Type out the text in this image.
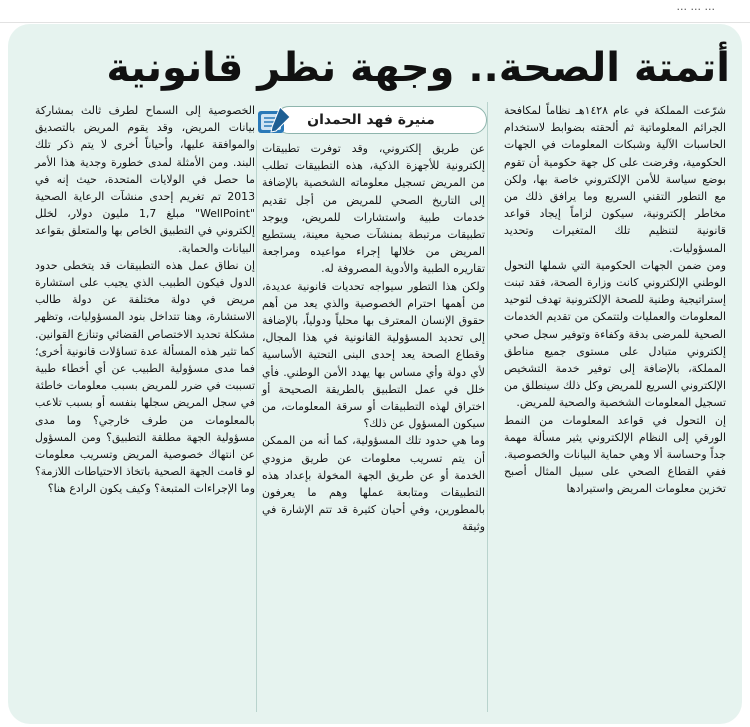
... ... ...
أتمتة الصحة.. وجهة نظر قانونية
منيرة فهد الحمدان

شرّعت المملكة في عام ١٤٢٨هـ نظاماً لمكافحة الجرائم المعلوماتية ثم ألحقته بضوابط لاستخدام الحاسبات الآلية وشبكات المعلومات في الجهات الحكومية، وفرضت على كل جهة حكومية أن تقوم بوضع سياسة للأمن الإلكتروني خاصة بها، ولكن مع التطور التقني السريع وما يرافق ذلك من مخاطر إلكترونية، سيكون لزاماً إيجاد قواعد قانونية لتنظيم تلك المتغيرات وتحديد المسؤوليات.

ومن ضمن الجهات الحكومية التي شملها التحول الوطني الإلكتروني كانت وزارة الصحة، فقد تبنت إستراتيجية وطنية للصحة الإلكترونية تهدف لتوحيد المعلومات والعمليات ولتتمكن من تقديم الخدمات الصحية للمرضى بدقة وكفاءة وتوفير سجل صحي إلكتروني متبادل على مستوى جميع مناطق المملكة، بالإضافة إلى توفير خدمة التشخيص الإلكتروني السريع للمريض وكل ذلك سينطلق من تسجيل المعلومات الشخصية والصحية للمريض.

إن التحول في قواعد المعلومات من النمط الورقي إلى النظام الإلكتروني يثير مسألة مهمة جداً وحساسة ألا وهي حماية البيانات والخصوصية. ففي القطاع الصحي على سبيل المثال أصبح تخزين معلومات المريض واستيرادها

عن طريق إلكتروني، وقد توفرت تطبيقات إلكترونية للأجهزة الذكية، هذه التطبيقات تطلب من المريض تسجيل معلوماته الشخصية بالإضافة إلى التاريخ الصحي للمريض من أجل تقديم خدمات طبية واستشارات للمريض، ويوجد تطبيقات مرتبطة بمنشآت صحية معينة، يستطيع المريض من خلالها إجراء مواعيده ومراجعة تقاريره الطبية والأدوية المصروفة له.

ولكن هذا التطور سيواجه تحديات قانونية عديدة، من أهمها احترام الخصوصية والذي يعد من أهم حقوق الإنسان المعترف بها محلياً ودولياً، بالإضافة إلى تحديد المسؤولية القانونية في هذا المجال، وقطاع الصحة يعد إحدى البنى التحتية الأساسية لأي دولة وأي مساس بها يهدد الأمن الوطني. فأي خلل في عمل التطبيق بالطريقة الصحيحة أو اختراق لهذه التطبيقات أو سرقة المعلومات، من سيكون المسؤول عن ذلك؟

وما هي حدود تلك المسؤولية، كما أنه من الممكن أن يتم تسريب معلومات عن طريق مزودي الخدمة أو عن طريق الجهة المخولة بإعداد هذه التطبيقات ومتابعة عملها وهم ما يعرفون بالمطورين، وفي أحيان كثيرة قد تتم الإشارة في وثيقة

الخصوصية إلى السماح لطرف ثالث بمشاركة بيانات المريض، وقد يقوم المريض بالتصديق والموافقة عليها، وأحياناً أخرى لا يتم ذكر تلك البند. ومن الأمثلة لمدى خطورة وجدية هذا الأمر ما حصل في الولايات المتحدة، حيث إنه في 2013 تم تغريم إحدى منشآت الرعاية الصحية "WellPoint" مبلغ 1,7 مليون دولار، لخلل إلكتروني في التطبيق الخاص بها والمتعلق بقواعد البيانات والحماية.

إن نطاق عمل هذه التطبيقات قد يتخطى حدود الدول فيكون الطبيب الذي يجيب على استشارة مريض في دولة مختلفة عن دولة طالب الاستشارة، وهنا تتداخل بنود المسؤوليات، وتظهر مشكلة تحديد الاختصاص القضائي وتنازع القوانين.

كما تثير هذه المسألة عدة تساؤلات قانونية أخرى؛ فما مدى مسؤولية الطبيب عن أي أخطاء طبية تسببت في ضرر للمريض بسبب معلومات خاطئة في سجل المريض سجلها بنفسه أو بسبب تلاعب بالمعلومات من طرف خارجي؟ وما مدى مسؤولية الجهة مطلقة التطبيق؟ ومن المسؤول عن انتهاك خصوصية المريض وتسريب معلومات لو قامت الجهة الصحية باتخاذ الاحتياطات اللازمة؟ وما الإجراءات المتبعة؟ وكيف يكون الرادع هنا؟
